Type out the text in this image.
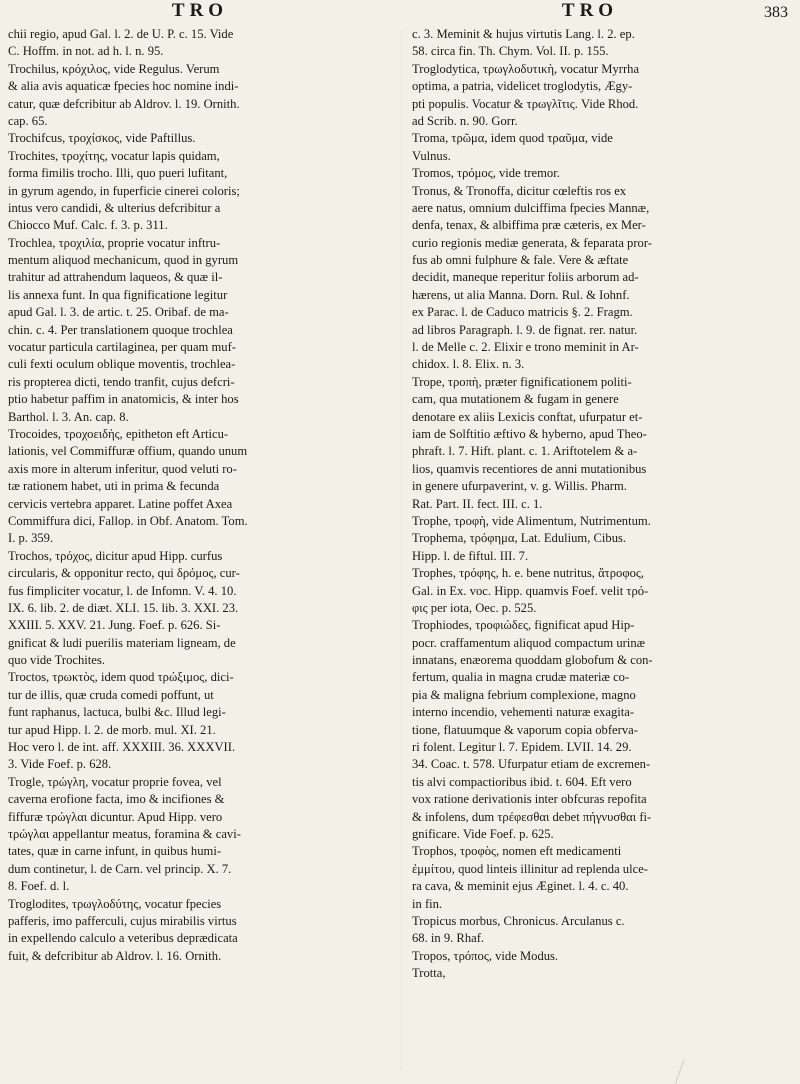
TRO	TRO	383
chii regio, apud Gal. l. 2. de U. P. c. 15. Vide
C. Hoffm. in not. ad h. l. n. 95.
Trochilus, κρόχιλος, vide Regulus. Verum
& alia avis aquaticæ fpecies hoc nomine indi-
catur, quæ defcribitur ab Aldrov. l. 19. Ornith.
cap. 65.
Trochifcus, τροχίσκος, vide Paftillus.
Trochites, τροχίτης, vocatur lapis quidam,
forma fimilis trocho. Illi, quo pueri lufitant,
in gyrum agendo, in fuperficie cinerei coloris;
intus vero candidi, & ulterius defcribitur a
Chiocco Muf. Calc. f. 3. p. 311.
Trochlea, τροχιλία, proprie vocatur inftru-
mentum aliquod mechanicum, quod in gyrum
trahitur ad attrahendum laqueos, & quæ il-
lis annexa funt. In qua fignificatione legitur
apud Gal. l. 3. de artic. t. 25. Oribaf. de ma-
chin. c. 4. Per translationem quoque trochlea
vocatur particula cartilaginea, per quam muf-
culi fexti oculum oblique moventis, trochlea-
ris propterea dicti, tendo tranfit, cujus defcri-
ptio habetur paffim in anatomicis, & inter hos
Barthol. l. 3. An. cap. 8.
Trocoides, τροχοειδὴς, epitheton eft Articu-
lationis, vel Commiffuræ offium, quando unum
axis more in alterum inferitur, quod veluti ro-
tæ rationem habet, uti in prima & fecunda
cervicis vertebra apparet. Latine poffet Axea
Commiffura dici, Fallop. in Obf. Anatom. Tom.
I. p. 359.
Trochos, τρόχος, dicitur apud Hipp. curfus
circularis, & opponitur recto, qui δρόμος, cur-
fus fimpliciter vocatur, l. de Infomn. V. 4. 10.
IX. 6. lib. 2. de diæt. XLI. 15. lib. 3. XXI. 23.
XXIII. 5. XXV. 21. Jung. Foef. p. 626. Si-
gnificat & ludi puerilis materiam ligneam, de
quo vide Trochites.
Troctos, τρωκτὸς, idem quod τρώξιμος, dici-
tur de illis, quæ cruda comedi poffunt, ut
funt raphanus, lactuca, bulbi &c. Illud legi-
tur apud Hipp. l. 2. de morb. mul. XI. 21.
Hoc vero l. de int. aff. XXXIII. 36. XXXVII.
3. Vide Foef. p. 628.
Trogle, τρώγλη, vocatur proprie fovea, vel
caverna erofione facta, imo & incifiones &
fiffuræ τρώγλαι dicuntur. Apud Hipp. vero
τρώγλαι appellantur meatus, foramina & cavi-
tates, quæ in carne infunt, in quibus humi-
dum continetur, l. de Carn. vel princip. X. 7.
8. Foef. d. l.
Troglodites, τρωγλοδύτης, vocatur fpecies
pafferis, imo pafferculi, cujus mirabilis virtus
in expellendo calculo a veteribus deprædicata
fuit, & defcribitur ab Aldrov. l. 16. Ornith.
c. 3. Meminit & hujus virtutis Lang. l. 2. ep.
58. circa fin. Th. Chym. Vol. II. p. 155.
Troglodytica, τρωγλοδυτικὴ, vocatur Myrrha
optima, a patria, videlicet troglodytis, Ægy-
pti populis. Vocatur & τρωγλῖτις. Vide Rhod.
ad Scrib. n. 90. Gorr.
Troma, τρῶμα, idem quod τραῦμα, vide
Vulnus.
Tromos, τρόμος, vide tremor.
Tronus, & Tronoffa, dicitur cœleftis ros ex
aere natus, omnium dulciffima fpecies Mannæ,
denfa, tenax, & albiffima præ cæteris, ex Mer-
curio regionis mediæ generata, & feparata pror-
fus ab omni fulphure & fale. Vere & æftate
decidit, maneque reperitur foliis arborum ad-
hærens, ut alia Manna. Dorn. Rul. & Iohnf.
ex Parac. l. de Caduco matricis §. 2. Fragm.
ad libros Paragraph. l. 9. de fignat. rer. natur.
l. de Melle c. 2. Elixir e trono meminit in Ar-
chidox. l. 8. Elix. n. 3.
Trope, τροπὴ, præter fignificationem politi-
cam, qua mutationem & fugam in genere
denotare ex aliis Lexicis conftat, ufurpatur et-
iam de Solftitio æftivo & hyberno, apud Theo-
phraft. l. 7. Hift. plant. c. 1. Ariftotelem & a-
lios, quamvis recentiores de anni mutationibus
in genere ufurpaverint, v. g. Willis. Pharm.
Rat. Part. II. fect. III. c. 1.
Trophe, τροφὴ, vide Alimentum, Nutrimentum.
Trophema, τρόφημα, Lat. Edulium, Cibus.
Hipp. l. de fiftul. III. 7.
Trophes, τρόφης, h. e. bene nutritus, ἄτροφος,
Gal. in Ex. voc. Hipp. quamvis Foef. velit τρό-
φις per iota, Oec. p. 525.
Trophiodes, τροφιώδες, fignificat apud Hip-
pocr. craffamentum aliquod compactum urinæ
innatans, enæorema quoddam globofum & con-
fertum, qualia in magna crudæ materiæ co-
pia & maligna febrium complexione, magno
interno incendio, vehementi naturæ exagita-
tione, flatuumque & vaporum copia obferva-
ri folent. Legitur l. 7. Epidem. LVII. 14. 29.
34. Coac. t. 578. Ufurpatur etiam de excremen-
tis alvi compactioribus ibid. t. 604. Eft vero
vox ratione derivationis inter obfcuras repofita
& infolens, dum τρέφεσθαι debet πήγνυσθαι fi-
gnificare. Vide Foef. p. 625.
Trophos, τροφὸς, nomen eft medicamenti
ἐμμίτου, quod linteis illinitur ad replenda ulce-
ra cava, & meminit ejus Æginet. l. 4. c. 40.
in fin.
Tropicus morbus, Chronicus. Arculanus c.
68. in 9. Rhaf.
Tropos, τρόπος, vide Modus.
Trotta,
